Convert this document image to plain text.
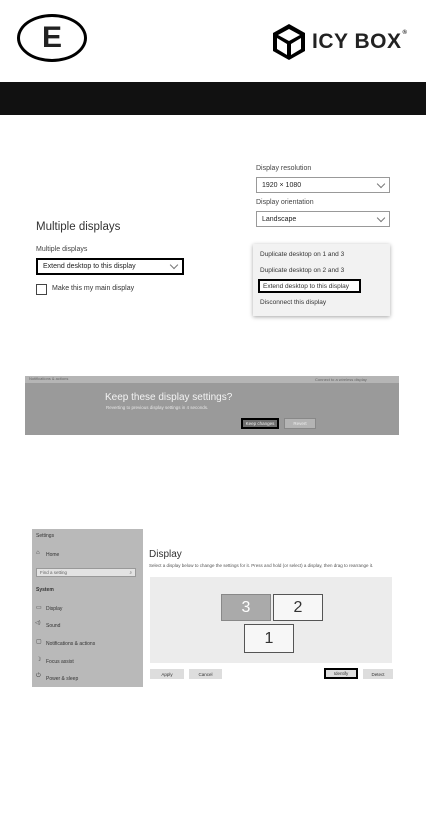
E	ICY BOX®
Display resolution
1920 × 1080
Display orientation
Landscape
Multiple displays
Multiple displays
Extend desktop to this display
Make this my main display
Duplicate desktop on 1 and 3
Duplicate desktop on 2 and 3
Extend desktop to this display
Disconnect this display
Notifications & actions	Connect to a wireless display
Keep these display settings?
Reverting to previous display settings in 4 seconds.
Keep changes	Revert
Settings
⌂ Home
Find a setting	⌕
System
▭ Display
◁) Sound
▢ Notifications & actions
☽ Focus assist
⏻ Power & sleep
Display
Select a display below to change the settings for it. Press and hold (or select) a display, then drag to rearrange it.
3	2
1
Apply	Cancel	Identify	Detect
